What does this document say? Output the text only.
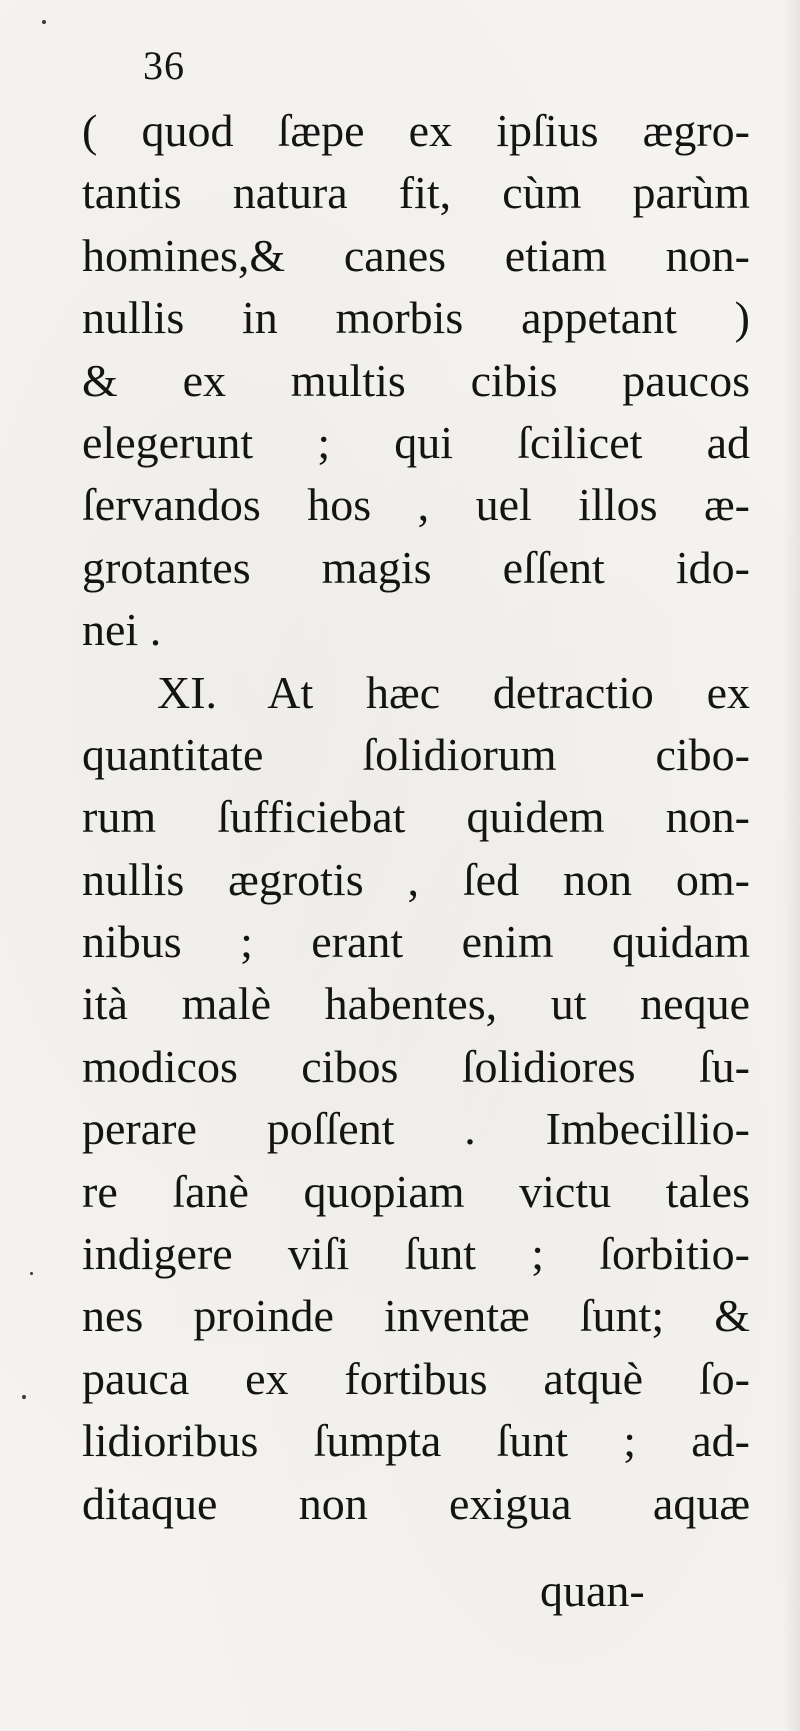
36
( quod ſæpe ex ipſius ægro-
tantis natura fit, cùm parùm
homines,& canes etiam non-
nullis in morbis appetant )
& ex multis cibis paucos
elegerunt ; qui ſcilicet ad
ſervandos hos , uel illos æ-
grotantes magis eſſent ido-
nei .
XI. At hæc detractio ex
quantitate ſolidiorum cibo-
rum ſufficiebat quidem non-
nullis ægrotis , ſed non om-
nibus ; erant enim quidam
ità malè habentes, ut neque
modicos cibos ſolidiores ſu-
perare poſſent . Imbecillio-
re ſanè quopiam victu tales
indigere viſi ſunt ; ſorbitio-
nes proinde inventæ ſunt; &
pauca ex fortibus atquè ſo-
lidioribus ſumpta ſunt ; ad-
ditaque non exigua aquæ
quan-
